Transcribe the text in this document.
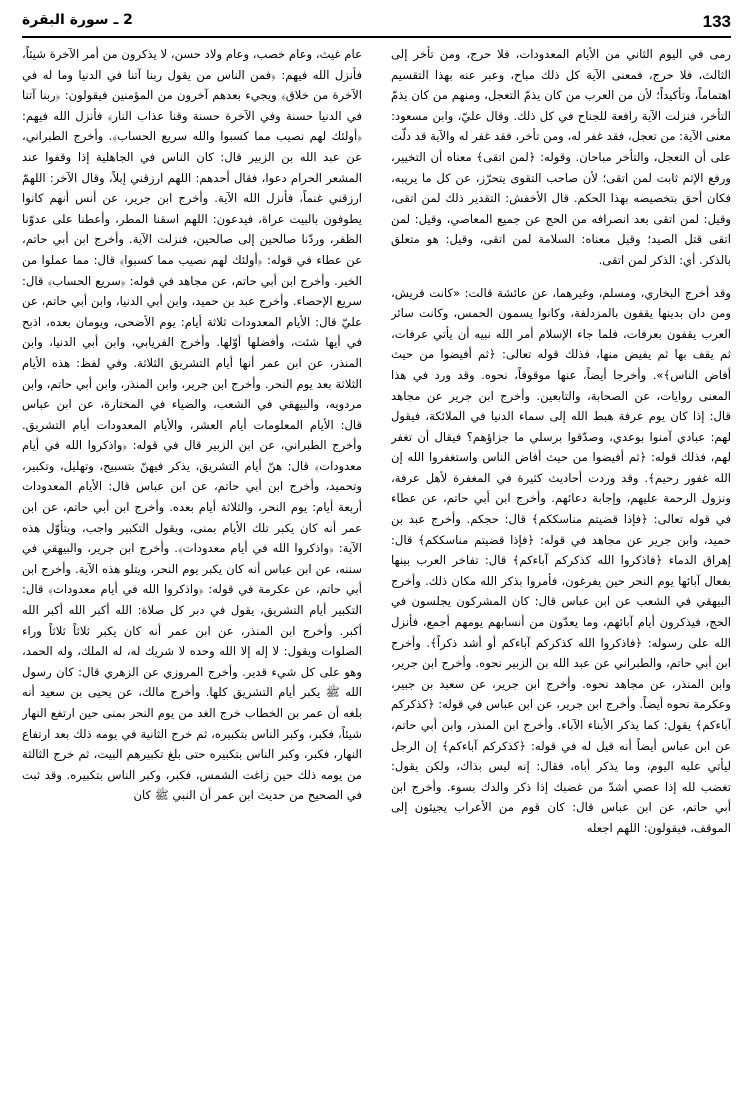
133
2 ـ سورة البقرة

رمى في اليوم الثاني من الأيام المعدودات، فلا حرج، ومن تأخر إلى الثالث، فلا حرج، فمعنى الآية كل ذلك مباح، وعبر عنه بهذا التقسيم اهتماماً، وتأكيداً؛ لأن من العرب من كان يذمّ التعجل، ومنهم من كان يذمّ التأخر، فنزلت الآية رافعة للجناح في كل ذلك. وقال عليّ، وابن مسعود: معنى الآية: من تعجل، فقد غفر له، ومن تأخر، فقد غفر له والآية قد دلّت على أن التعجل، والتأخر مباحان. وقوله: ﴿لمن اتقى﴾ معناه أن التخيير، ورفع الإثم ثابت لمن اتقى؛ لأن صاحب التقوى يتحرّز، عن كل ما يريبه، فكان أحق بتخصيصه بهذا الحكم. قال الأخفش: التقدير ذلك لمن اتقى، وقيل: لمن اتقى بعد انصرافه من الحج عن جميع المعاصي، وقيل: لمن اتقى قتل الصيد؛ وقيل معناه: السلامة لمن اتقى، وقيل: هو متعلق بالذكر. أي: الذكر لمن اتقى.

وقد أخرج البخاري، ومسلم، وغيرهما، عن عائشة قالت: «كانت قريش، ومن دان بدينها يقفون بالمزدلفة، وكانوا يسمون الحمس، وكانت سائر العرب يقفون بعرفات، فلما جاء الإسلام أمر الله نبيه أن يأتي عرفات، ثم يقف بها ثم يفيض منها، فذلك قوله تعالى: ﴿ثم أفيضوا من حيث أفاض الناس﴾». وأخرجا أيضاً، عنها موقوفاً، نحوه. وقد ورد في هذا المعنى روايات، عن الصحابة، والتابعين. وأخرج ابن جرير عن مجاهد قال: إذا كان يوم عرفة هبط الله إلى سماء الدنيا في الملائكة، فيقول لهم: عبادي آمنوا بوعدي، وصدّقوا برسلي ما جزاؤهم؟ فيقال أن تغفر لهم، فذلك قوله: ﴿ثم أفيضوا من حيث أفاض الناس واستغفروا الله إن الله غفور رحيم﴾. وقد وردت أحاديث كثيرة في المغفرة لأهل عرفة، ونزول الرحمة عليهم، وإجابة دعائهم. وأخرج ابن أبي حاتم، عن عطاء في قوله تعالى: ﴿فإذا قضيتم مناسككم﴾ قال: حجكم. وأخرج عبد بن حميد، وابن جرير عن مجاهد في قوله: ﴿فإذا قضيتم مناسككم﴾ قال: إهراق الدماء ﴿فاذكروا الله كذكركم آباءكم﴾ قال: تفاخر العرب بينها بفعال آبائها يوم النحر حين يفرغون، فأمروا بذكر الله مكان ذلك. وأخرج البيهقي في الشعب عن ابن عباس قال: كان المشركون يجلسون في الحج، فيذكرون أيام آبائهم، وما يعدّون من أنسابهم يومهم أجمع، فأنزل الله على رسوله: ﴿فاذكروا الله كذكركم آباءكم أو أشد ذكراً﴾. وأخرج ابن أبي حاتم، والطبراني عن عبد الله بن الزبير نحوه. وأخرج ابن جرير، وابن المنذر، عن مجاهد نحوه. وأخرج ابن جرير، عن سعيد بن جبير، وعكرمة نحوه أيضاً. وأخرج ابن جرير، عن ابن عباس في قوله: ﴿كذكركم آباءكم﴾ يقول: كما يذكر الأبناء الآباء. وأخرج ابن المنذر، وابن أبي حاتم، عن ابن عباس أيضاً أنه قيل له في قوله: ﴿كذكركم آباءكم﴾ إن الرجل ليأتي عليه اليوم، وما يذكر أباه، فقال: إنه ليس بذاك، ولكن يقول: تغضب لله إذا عصي أشدّ من غضبك إذا ذكر والدك بسوء. وأخرج ابن أبي حاتم، عن ابن عباس قال: كان قوم من الأعراب يجيئون إلى الموقف، فيقولون: اللهم اجعله

عام غيث، وعام خصب، وعام ولاد حسن، لا يذكرون من أمر الآخرة شيئاً، فأنزل الله فيهم: ﴿فمن الناس من يقول ربنا آتنا في الدنيا وما له في الآخرة من خلاق﴾ ويجيء بعدهم آخرون من المؤمنين فيقولون: ﴿ربنا آتنا في الدنيا حسنة وفي الآخرة حسنة وقنا عذاب النار﴾ فأنزل الله فيهم: ﴿أولئك لهم نصيب مما كسبوا والله سريع الحساب﴾. وأخرج الطبراني، عن عبد الله بن الزبير قال: كان الناس في الجاهلية إذا وقفوا عند المشعر الحرام دعوا، فقال أحدهم: اللهم ارزقني إبلاً، وقال الآخر: اللهمّ ارزقني غنماً، فأنزل الله الآية. وأخرج ابن جرير، عن أنس أنهم كانوا يطوفون بالبيت عراة، فيدعون: اللهم اسقنا المطر، وأعطنا على عدوّنا الظفر، وردّنا صالحين إلى صالحين، فنزلت الآية. وأخرج ابن أبي حاتم، عن عطاء في قوله: ﴿أولئك لهم نصيب مما كسبوا﴾ قال: مما عملوا من الخير. وأخرج ابن أبي حاتم، عن مجاهد في قوله: ﴿سريع الحساب﴾ قال: سريع الإحصاء. وأخرج عبد بن حميد، وابن أبي الدنيا، وابن أبي حاتم، عن عليّ قال: الأيام المعدودات ثلاثة أيام: يوم الأضحى، ويومان بعده، اذبح في أيها شئت، وأفضلها أوّلها. وأخرج الفريابي، وابن أبي الدنيا، وابن المنذر، عن ابن عمر أنها أيام التشريق الثلاثة. وفي لفظ: هذه الأيام الثلاثة بعد يوم النحر. وأخرج ابن جرير، وابن المنذر، وابن أبي حاتم، وابن مردويه، والبيهقي في الشعب، والضياء في المختارة، عن ابن عباس قال: الأيام المعلومات أيام العشر، والأيام المعدودات أيام التشريق. وأخرج الطبراني، عن ابن الزبير قال في قوله: ﴿واذكروا الله في أيام معدودات﴾ قال: هنّ أيام التشريق، يذكر فيهنّ بتسبيح، وتهليل، وتكبير، وتحميد، وأخرج ابن أبي حاتم، عن ابن عباس قال: الأيام المعدودات أربعة أيام: يوم النحر، والثلاثة أيام بعده. وأخرج ابن أبي حاتم، عن ابن عمر أنه كان يكبر تلك الأيام بمنى، ويقول التكبير واجب، ويتأوّل هذه الآية: ﴿واذكروا الله في أيام معدودات﴾. وأخرج ابن جرير، والبيهقي في سننه، عن ابن عباس أنه كان يكبر يوم النحر، ويتلو هذه الآية. وأخرج ابن أبي حاتم، عن عكرمة في قوله: ﴿واذكروا الله في أيام معدودات﴾ قال: التكبير أيام التشريق، يقول في دبر كل صلاة: الله أكبر الله أكبر الله أكبر. وأخرج ابن المنذر، عن ابن عمر أنه كان يكبر ثلاثاً ثلاثاً وراء الصلوات ويقول: لا إله إلا الله وحده لا شريك له، له الملك، وله الحمد، وهو على كل شيء قدير. وأخرج المروزي عن الزهري قال: كان رسول الله ﷺ يكبر أيام التشريق كلها. وأخرج مالك، عن يحيى بن سعيد أنه بلغه أن عمر بن الخطاب خرج الغد من يوم النحر بمنى حين ارتفع النهار شيئاً، فكبر، وكبر الناس بتكبيره، ثم خرج الثانية في يومه ذلك بعد ارتفاع النهار، فكبر، وكبر الناس بتكبيره حتى بلغ تكبيرهم البيت، ثم خرج الثالثة من يومه ذلك حين زاغت الشمس، فكبر، وكبر الناس بتكبيره. وقد ثبت في الصحيح من حديث ابن عمر أن النبي ﷺ كان
